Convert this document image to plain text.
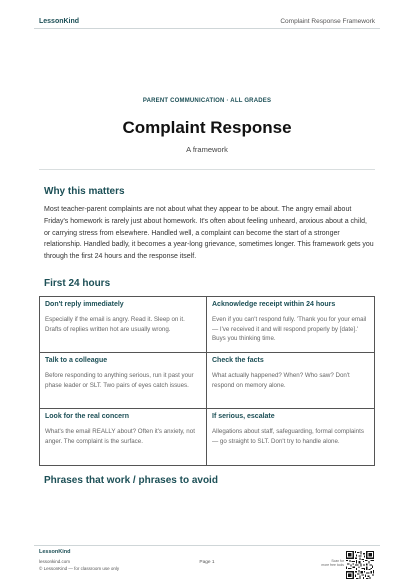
LessonKind	Complaint Response Framework
PARENT COMMUNICATION · ALL GRADES
Complaint Response
A framework
Why this matters
Most teacher-parent complaints are not about what they appear to be about. The angry email about Friday's homework is rarely just about homework. It's often about feeling unheard, anxious about a child, or carrying stress from elsewhere. Handled well, a complaint can become the start of a stronger relationship. Handled badly, it becomes a year-long grievance, sometimes longer. This framework gets you through the first 24 hours and the response itself.
First 24 hours
Don't reply immediately
Especially if the email is angry. Read it. Sleep on it. Drafts of replies written hot are usually wrong.
Acknowledge receipt within 24 hours
Even if you can't respond fully. 'Thank you for your email — I've received it and will respond properly by [date].' Buys you thinking time.
Talk to a colleague
Before responding to anything serious, run it past your phase leader or SLT. Two pairs of eyes catch issues.
Check the facts
What actually happened? When? Who saw? Don't respond on memory alone.
Look for the real concern
What's the email REALLY about? Often it's anxiety, not anger. The complaint is the surface.
If serious, escalate
Allegations about staff, safeguarding, formal complaints — go straight to SLT. Don't try to handle alone.
Phrases that work / phrases to avoid
LessonKind
lessonkind.com
© LessonKind — for classroom use only
Page 1	Scan for
more free tools
